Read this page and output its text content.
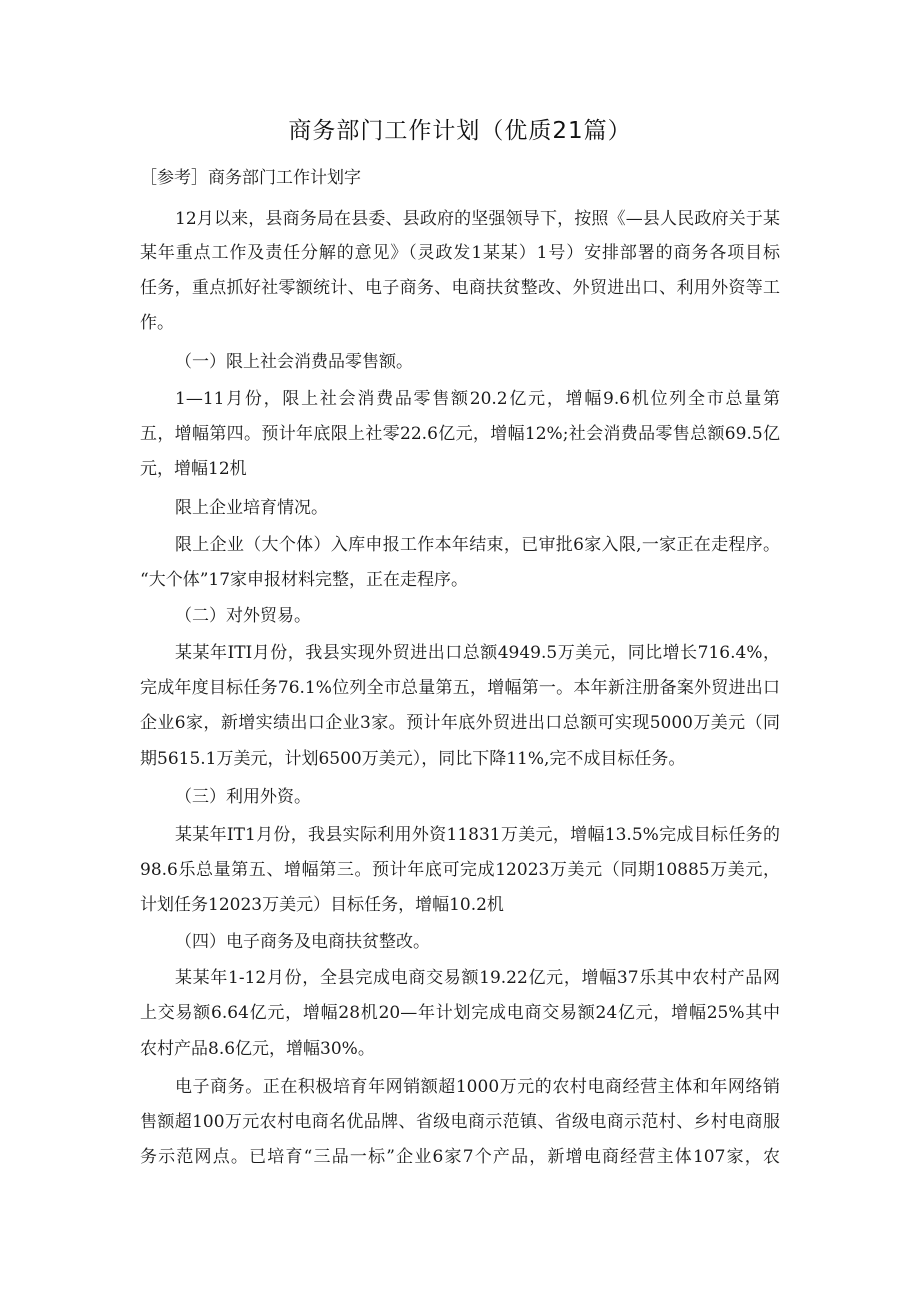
商务部门工作计划（优质21篇）
［参考］商务部门工作计划字
12月以来，县商务局在县委、县政府的坚强领导下，按照《—县人民政府关于某
某年重点工作及责任分解的意见》（灵政发1某某）1号）安排部署的商务各项目标
任务，重点抓好社零额统计、电子商务、电商扶贫整改、外贸进出口、利用外资等工
作。
（一）限上社会消费品零售额。
1—11月份，限上社会消费品零售额20.2亿元，增幅9.6机位列全市总量第
五，增幅第四。预计年底限上社零22.6亿元，增幅12%;社会消费品零售总额69.5亿
元，增幅12机
限上企业培育情况。
限上企业（大个体）入库申报工作本年结束，已审批6家入限,一家正在走程序。
“大个体”17家申报材料完整，正在走程序。
（二）对外贸易。
某某年ITI月份，我县实现外贸进出口总额4949.5万美元，同比增长716.4%，
完成年度目标任务76.1%位列全市总量第五，增幅第一。本年新注册备案外贸进出口
企业6家，新增实绩出口企业3家。预计年底外贸进出口总额可实现5000万美元（同
期5615.1万美元，计划6500万美元），同比下降11%,完不成目标任务。
（三）利用外资。
某某年IT1月份，我县实际利用外资11831万美元，增幅13.5%完成目标任务的
98.6乐总量第五、增幅第三。预计年底可完成12023万美元（同期10885万美元，
计划任务12023万美元）目标任务，增幅10.2机
（四）电子商务及电商扶贫整改。
某某年1-12月份，全县完成电商交易额19.22亿元，增幅37乐其中农村产品网
上交易额6.64亿元，增幅28机20—年计划完成电商交易额24亿元，增幅25%其中
农村产品8.6亿元，增幅30%。
电子商务。正在积极培育年网销额超1000万元的农村电商经营主体和年网络销
售额超100万元农村电商名优品牌、省级电商示范镇、省级电商示范村、乡村电商服
务示范网点。已培育“三品一标”企业6家7个产品，新增电商经营主体107家，农
